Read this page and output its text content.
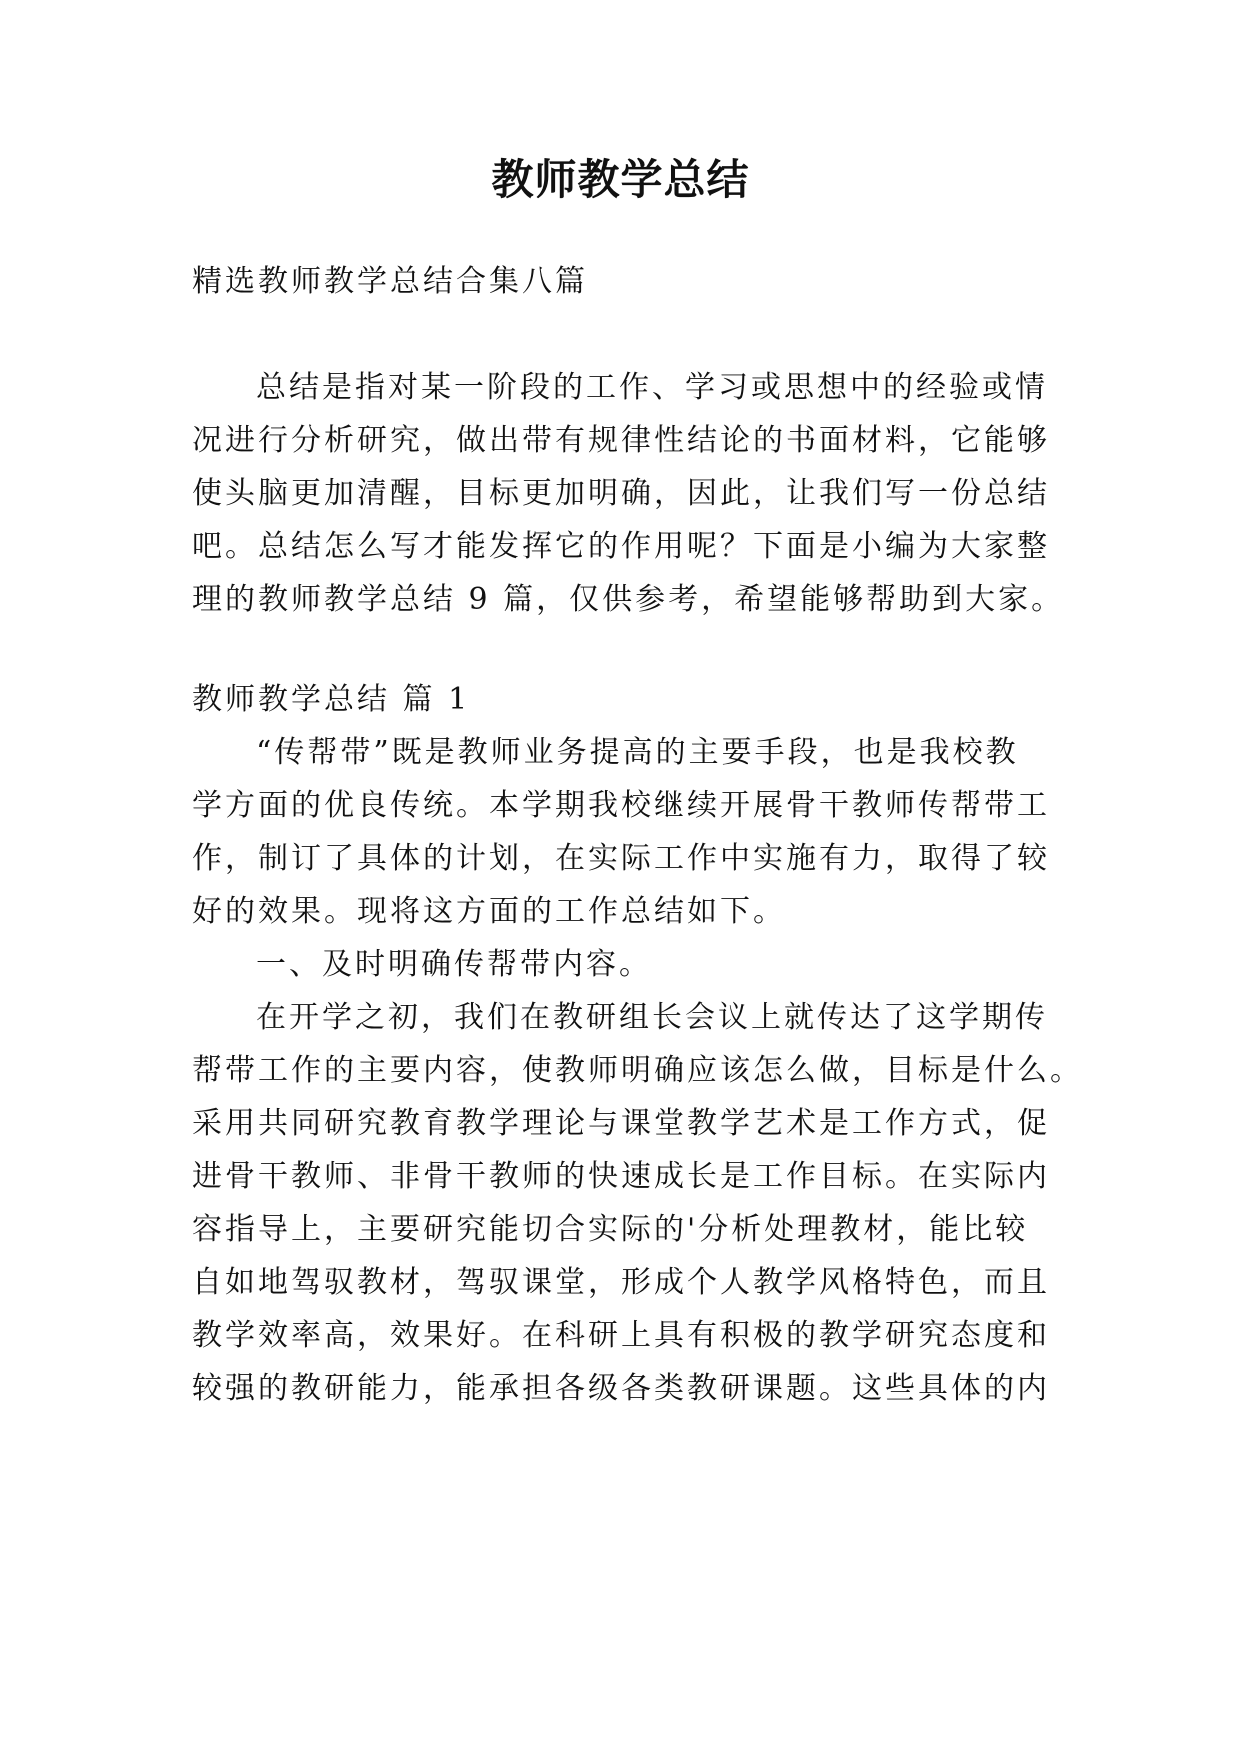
教师教学总结
精选教师教学总结合集八篇
总结是指对某一阶段的工作、学习或思想中的经验或情
况进行分析研究，做出带有规律性结论的书面材料，它能够
使头脑更加清醒，目标更加明确，因此，让我们写一份总结
吧。总结怎么写才能发挥它的作用呢？下面是小编为大家整
理的教师教学总结 9 篇，仅供参考，希望能够帮助到大家。
教师教学总结 篇 1
“传帮带”既是教师业务提高的主要手段，也是我校教
学方面的优良传统。本学期我校继续开展骨干教师传帮带工
作，制订了具体的计划，在实际工作中实施有力，取得了较
好的效果。现将这方面的工作总结如下。
一、及时明确传帮带内容。
在开学之初，我们在教研组长会议上就传达了这学期传
帮带工作的主要内容，使教师明确应该怎么做，目标是什么。
采用共同研究教育教学理论与课堂教学艺术是工作方式，促
进骨干教师、非骨干教师的快速成长是工作目标。在实际内
容指导上，主要研究能切合实际的'分析处理教材，能比较
自如地驾驭教材，驾驭课堂，形成个人教学风格特色，而且
教学效率高，效果好。在科研上具有积极的教学研究态度和
较强的教研能力，能承担各级各类教研课题。这些具体的内
